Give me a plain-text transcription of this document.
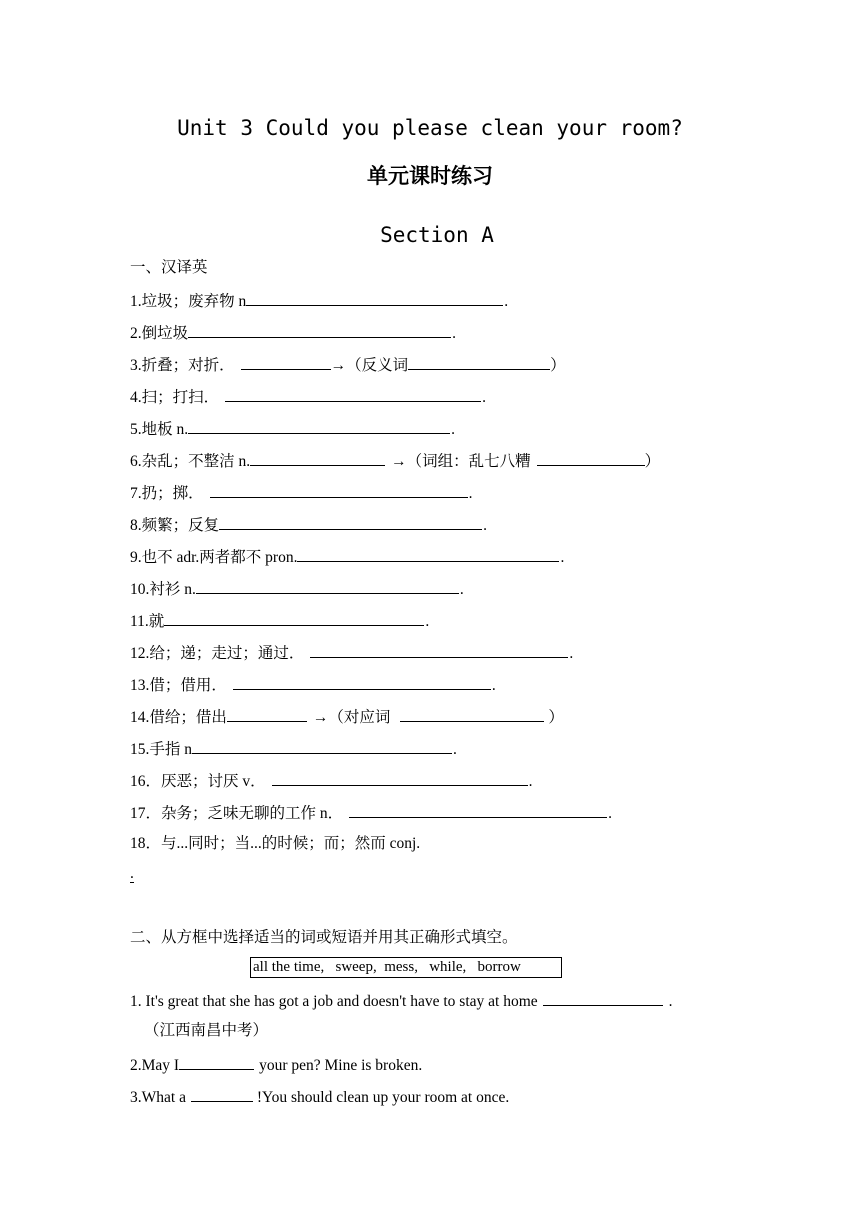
Unit 3 Could you please clean your room?
单元课时练习
Section A
一、汉译英
1.垃圾；废弃物 n	.
2.倒垃圾	.
3.折叠；对折．	→（反义词	）
4.扫；打扫．	.
5.地板 n.	.
6.杂乱；不整洁 n.	→（词组：乱七八糟	）
7.扔；掷．	.
8.频繁；反复	.
9.也不 adr.两者都不 pron.	.
10.衬衫 n.	.
11.就	.
12.给；递；走过；通过．	.
13.借；借用．	.
14.借给；借出	→（对应词	）
15.手指 n	.
16．厌恶；讨厌 v．	.
17．杂务；乏味无聊的工作 n．	.
18．与...同时；当...的时候；而；然而 conj.
.
二、从方框中选择适当的词或短语并用其正确形式填空。
all the time,   sweep,  mess,   while,   borrow
1. It's great that she has got a job and doesn't have to stay at home	.
（江西南昌中考）
2.May I	your pen? Mine is broken.
3.What a	!You should clean up your room at once.
